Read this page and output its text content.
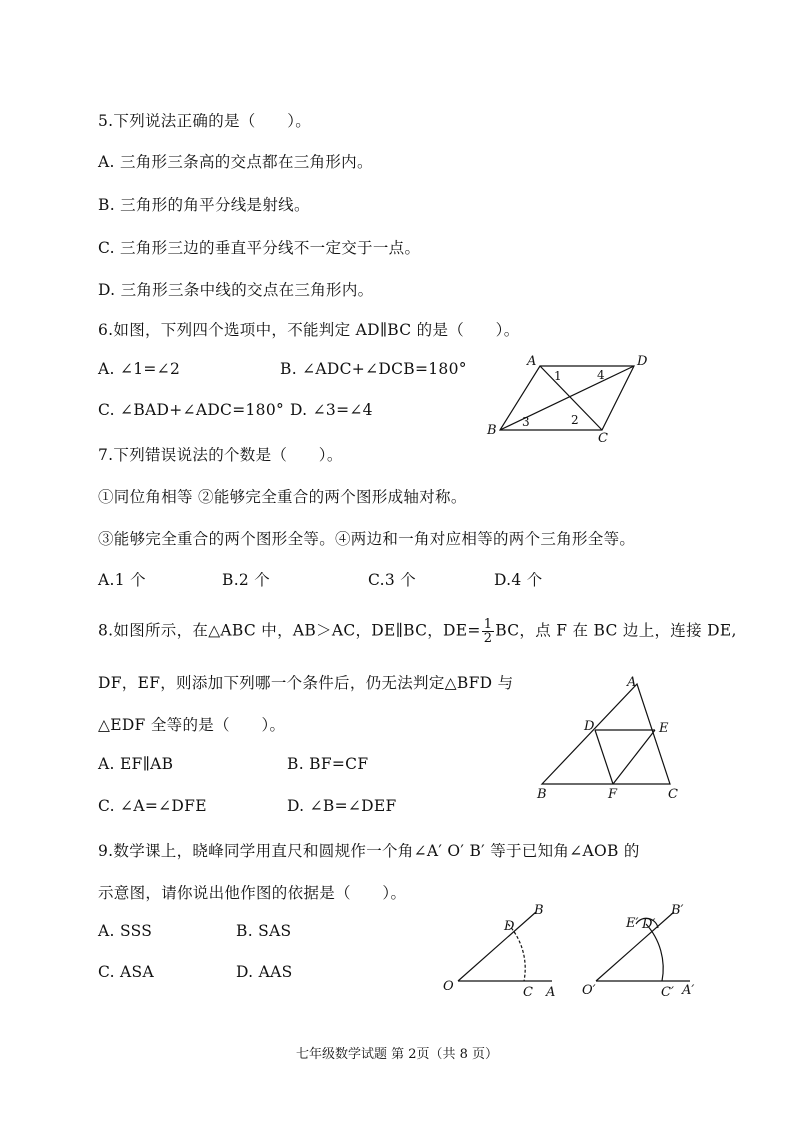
5.下列说法正确的是（　　）。
A. 三角形三条高的交点都在三角形内。
B. 三角形的角平分线是射线。
C. 三角形三边的垂直平分线不一定交于一点。
D. 三角形三条中线的交点在三角形内。
6.如图，下列四个选项中，不能判定 AD∥BC 的是（　　）。
A. ∠1=∠2	B. ∠ADC+∠DCB=180°
C. ∠BAD+∠ADC=180° D. ∠3=∠4
A	D
B
C
1	4
3	2
7.下列错误说法的个数是（　　）。
①同位角相等 ②能够完全重合的两个图形成轴对称。
③能够完全重合的两个图形全等。④两边和一角对应相等的两个三角形全等。
A.1 个	B.2 个	C.3 个	D.4 个
8.如图所示，在△ABC 中，AB＞AC，DE∥BC，$DE= \frac{1}{2}$ BC，点 F 在 BC 边上，连接 DE,
DF，EF，则添加下列哪一个条件后，仍无法判定△BFD 与
△EDF 全等的是（　　）。
A. EF∥AB	B. BF=CF
C. ∠A=∠DFE	D. ∠B=∠DEF
A
D	E
B	F	C
9.数学课上，晓峰同学用直尺和圆规作一个角∠A′ O′ B′ 等于已知角∠AOB 的
示意图，请你说出他作图的依据是（　　）。
A. SSS	B. SAS
C. ASA	D. AAS
O	C A
D
B
O′	C′ A′
D′
E′
B′
七年级数学试题 第 2页（共 8 页）
